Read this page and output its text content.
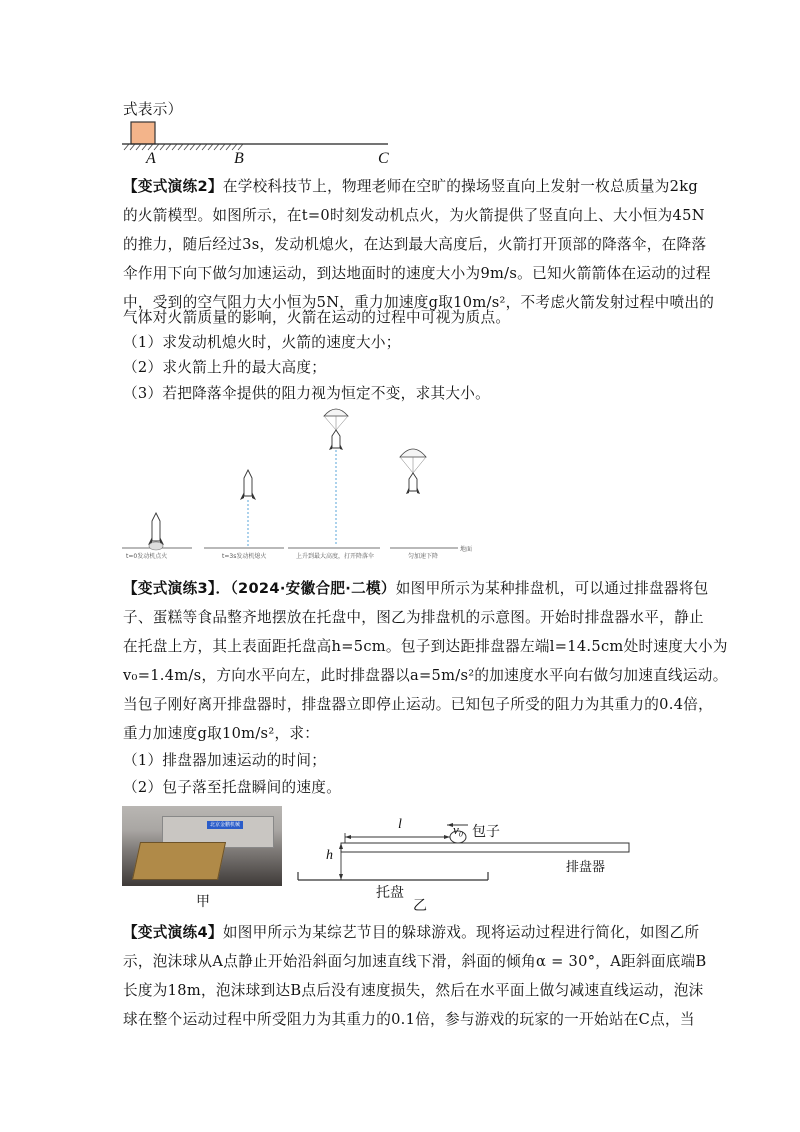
式表示）
A	B	C
【变式演练2】在学校科技节上，物理老师在空旷的操场竖直向上发射一枚总质量为2kg
的火箭模型。如图所示，在t=0时刻发动机点火，为火箭提供了竖直向上、大小恒为45N
的推力，随后经过3s，发动机熄火，在达到最大高度后，火箭打开顶部的降落伞，在降落
伞作用下向下做匀加速运动，到达地面时的速度大小为9m/s。已知火箭箭体在运动的过程
中，受到的空气阻力大小恒为5N，重力加速度g取10m/s²，不考虑火箭发射过程中喷出的
气体对火箭质量的影响，火箭在运动的过程中可视为质点。
（1）求发动机熄火时，火箭的速度大小；
（2）求火箭上升的最大高度；
（3）若把降落伞提供的阻力视为恒定不变，求其大小。
t=0发动机点火	t=3s发动机熄火	上升到最大高度，打开降落伞	匀加速下降
地面
【变式演练3】．（2024·安徽合肥·二模）如图甲所示为某种排盘机，可以通过排盘器将包
子、蛋糕等食品整齐地摆放在托盘中，图乙为排盘机的示意图。开始时排盘器水平，静止
在托盘上方，其上表面距托盘高h=5cm。包子到达距排盘器左端l=14.5cm处时速度大小为
v₀=1.4m/s，方向水平向左，此时排盘器以a=5m/s²的加速度水平向右做匀加速直线运动。
当包子刚好离开排盘器时，排盘器立即停止运动。已知包子所受的阻力为其重力的0.4倍，
重力加速度g取10m/s²，求：
（1）排盘器加速运动的时间；
（2）包子落至托盘瞬间的速度。
北京金鹏机械
甲
v₀
l
h
包子
托盘
排盘器
乙
【变式演练4】如图甲所示为某综艺节目的躲球游戏。现将运动过程进行简化，如图乙所
示，泡沫球从A点静止开始沿斜面匀加速直线下滑，斜面的倾角α = 30°，A距斜面底端B
长度为18m，泡沫球到达B点后没有速度损失，然后在水平面上做匀减速直线运动，泡沫
球在整个运动过程中所受阻力为其重力的0.1倍，参与游戏的玩家的一开始站在C点，当
